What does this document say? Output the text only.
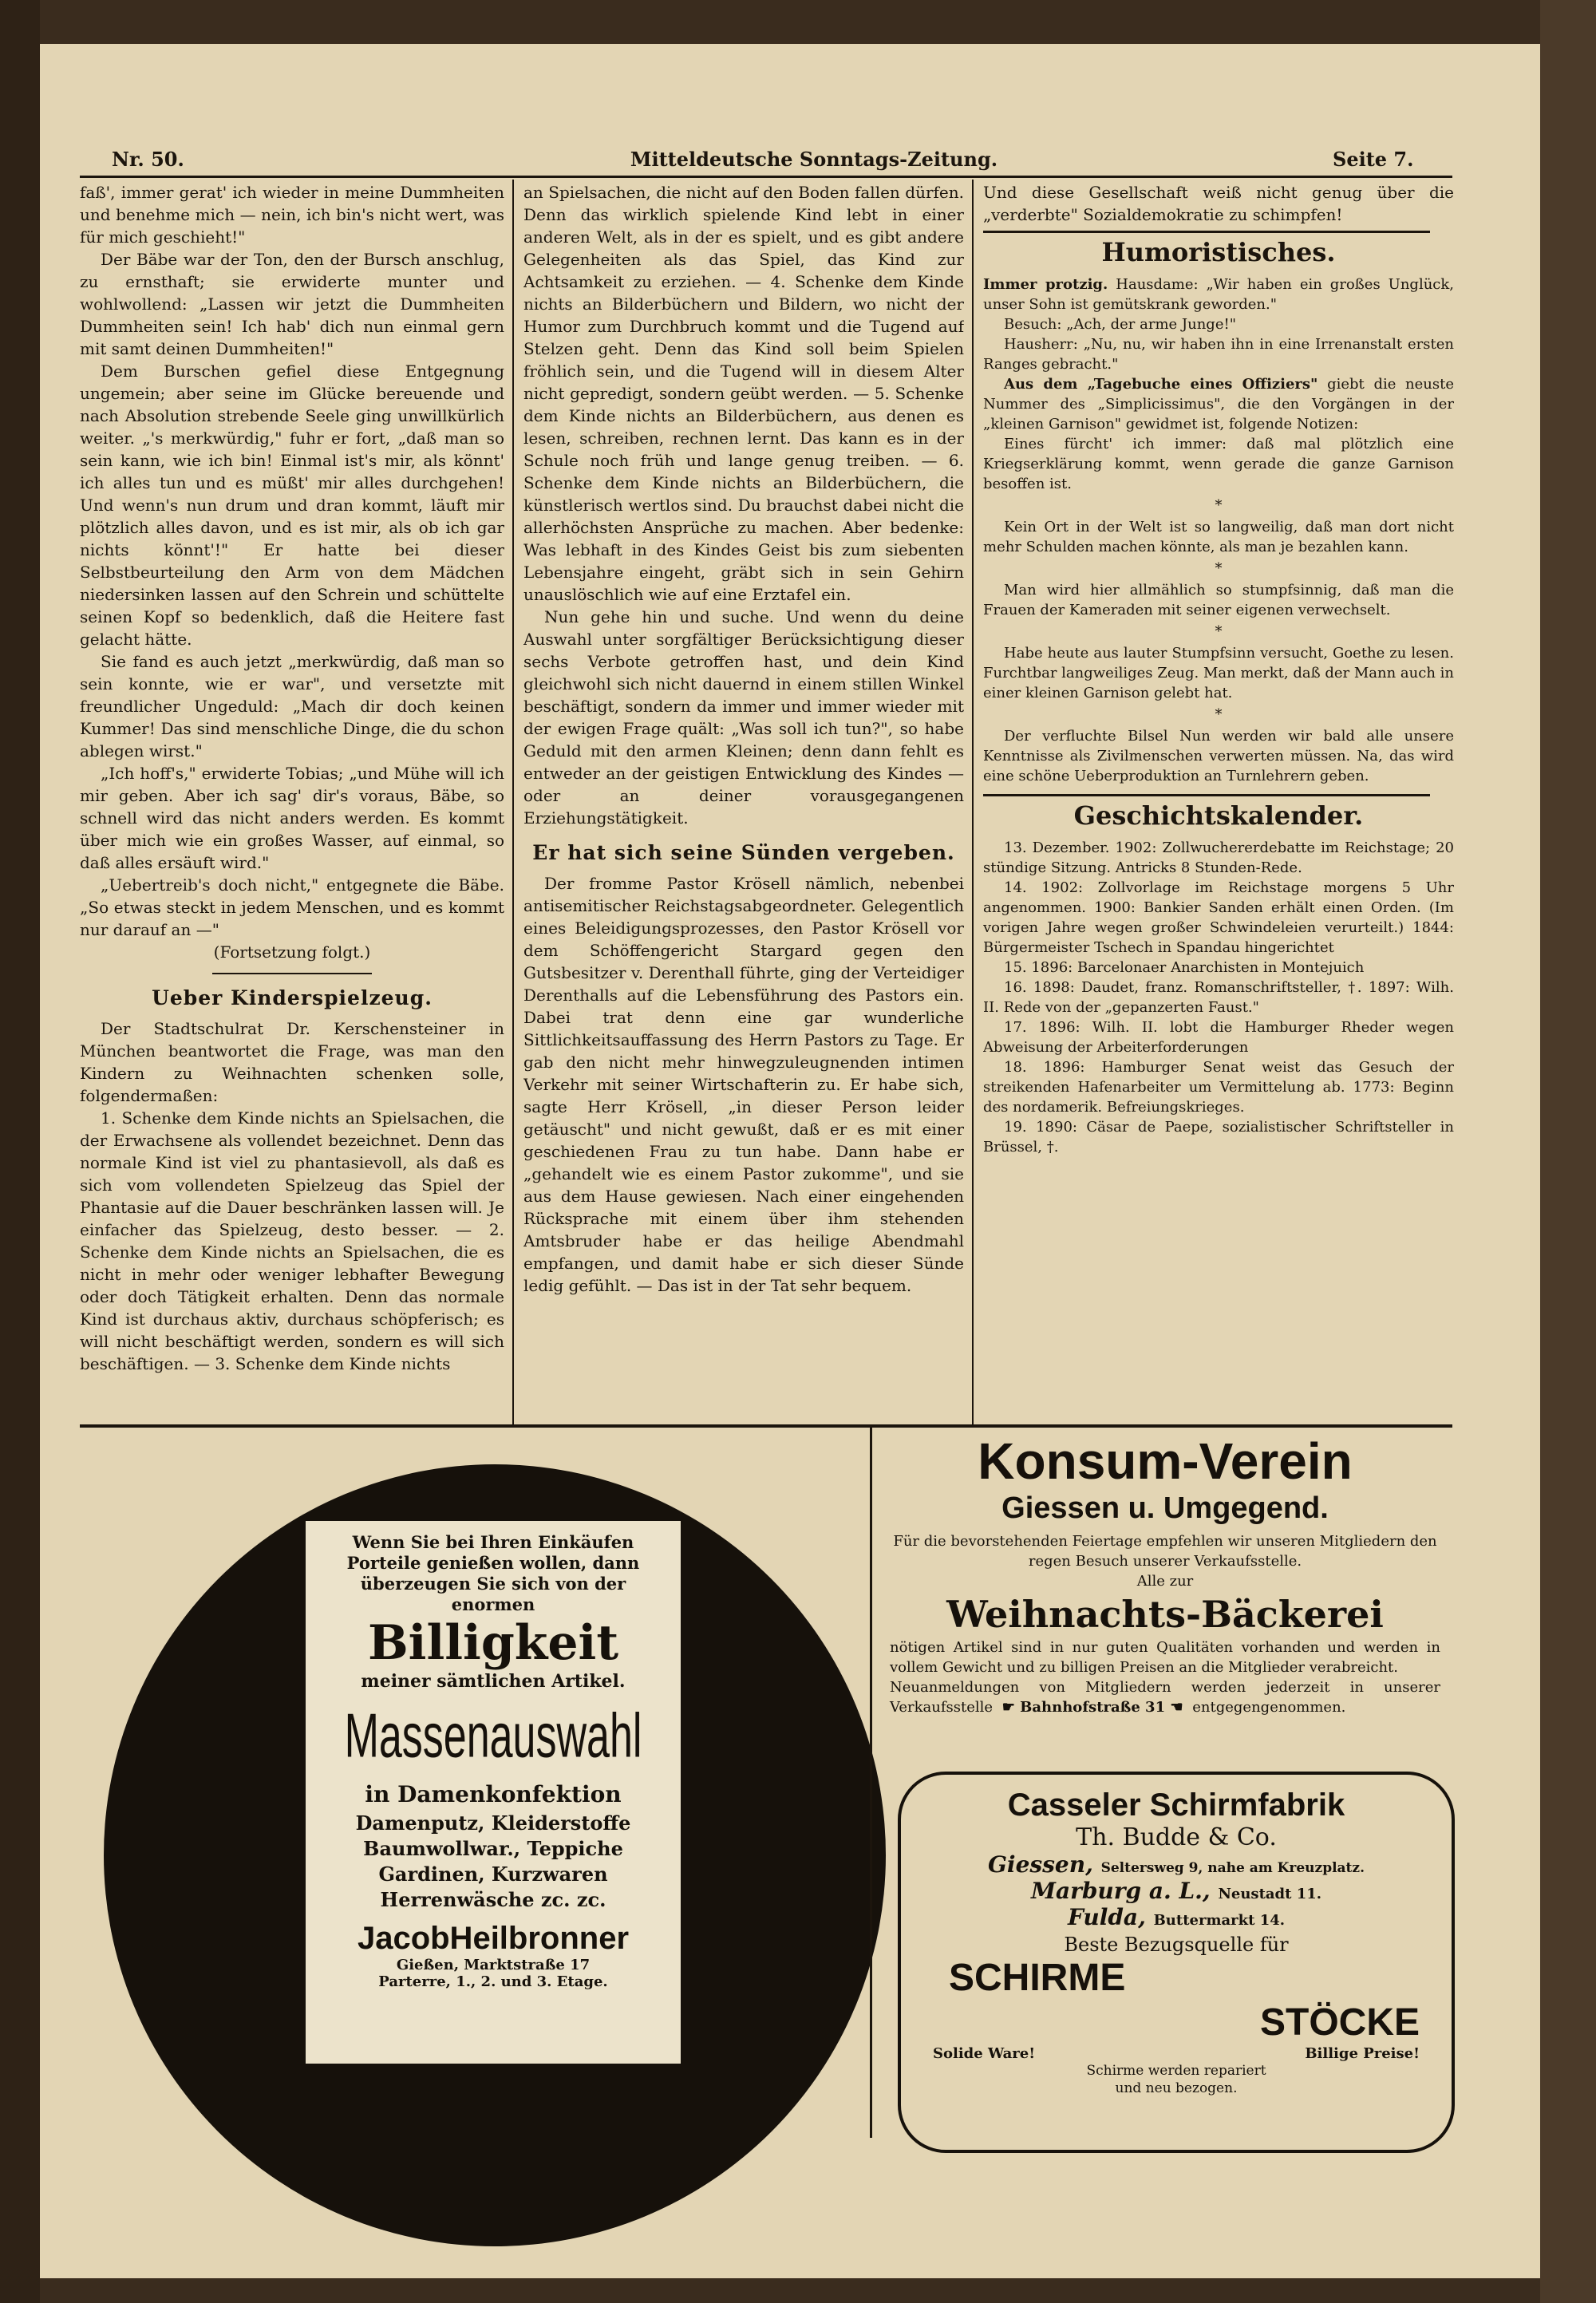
Nr. 50.	Mitteldeutsche Sonntags-Zeitung.	Seite 7.

faß', immer gerat' ich wieder in meine Dummheiten und benehme mich — nein, ich bin's nicht wert, was für mich geschieht!"

Der Bäbe war der Ton, den der Bursch anschlug, zu ernsthaft; sie erwiderte munter und wohlwollend: „Lassen wir jetzt die Dummheiten Dummheiten sein! Ich hab' dich nun einmal gern mit samt deinen Dummheiten!"

Dem Burschen gefiel diese Entgegnung ungemein; aber seine im Glücke bereuende und nach Absolution strebende Seele ging unwillkürlich weiter. „'s merkwürdig," fuhr er fort, „daß man so sein kann, wie ich bin! Einmal ist's mir, als könnt' ich alles tun und es müßt' mir alles durchgehen! Und wenn's nun drum und dran kommt, läuft mir plötzlich alles davon, und es ist mir, als ob ich gar nichts könnt'!" Er hatte bei dieser Selbstbeurteilung den Arm von dem Mädchen niedersinken lassen auf den Schrein und schüttelte seinen Kopf so bedenklich, daß die Heitere fast gelacht hätte.

Sie fand es auch jetzt „merkwürdig, daß man so sein konnte, wie er war", und versetzte mit freundlicher Ungeduld: „Mach dir doch keinen Kummer! Das sind menschliche Dinge, die du schon ablegen wirst."

„Ich hoff's," erwiderte Tobias; „und Mühe will ich mir geben. Aber ich sag' dir's voraus, Bäbe, so schnell wird das nicht anders werden. Es kommt über mich wie ein großes Wasser, auf einmal, so daß alles ersäuft wird."

„Uebertreib's doch nicht," entgegnete die Bäbe. „So etwas steckt in jedem Menschen, und es kommt nur darauf an —"

(Fortsetzung folgt.)
Ueber Kinderspielzeug.

Der Stadtschulrat Dr. Kerschensteiner in München beantwortet die Frage, was man den Kindern zu Weihnachten schenken solle, folgendermaßen:

1. Schenke dem Kinde nichts an Spielsachen, die der Erwachsene als vollendet bezeichnet. Denn das normale Kind ist viel zu phantasievoll, als daß es sich vom vollendeten Spielzeug das Spiel der Phantasie auf die Dauer beschränken lassen will. Je einfacher das Spielzeug, desto besser. — 2. Schenke dem Kinde nichts an Spielsachen, die es nicht in mehr oder weniger lebhafter Bewegung oder doch Tätigkeit erhalten. Denn das normale Kind ist durchaus aktiv, durchaus schöpferisch; es will nicht beschäftigt werden, sondern es will sich beschäftigen. — 3. Schenke dem Kinde nichts

an Spielsachen, die nicht auf den Boden fallen dürfen. Denn das wirklich spielende Kind lebt in einer anderen Welt, als in der es spielt, und es gibt andere Gelegenheiten als das Spiel, das Kind zur Achtsamkeit zu erziehen. — 4. Schenke dem Kinde nichts an Bilderbüchern und Bildern, wo nicht der Humor zum Durchbruch kommt und die Tugend auf Stelzen geht. Denn das Kind soll beim Spielen fröhlich sein, und die Tugend will in diesem Alter nicht gepredigt, sondern geübt werden. — 5. Schenke dem Kinde nichts an Bilderbüchern, aus denen es lesen, schreiben, rechnen lernt. Das kann es in der Schule noch früh und lange genug treiben. — 6. Schenke dem Kinde nichts an Bilderbüchern, die künstlerisch wertlos sind. Du brauchst dabei nicht die allerhöchsten Ansprüche zu machen. Aber bedenke: Was lebhaft in des Kindes Geist bis zum siebenten Lebensjahre eingeht, gräbt sich in sein Gehirn unauslöschlich wie auf eine Erztafel ein.

Nun gehe hin und suche. Und wenn du deine Auswahl unter sorgfältiger Berücksichtigung dieser sechs Verbote getroffen hast, und dein Kind gleichwohl sich nicht dauernd in einem stillen Winkel beschäftigt, sondern da immer und immer wieder mit der ewigen Frage quält: „Was soll ich tun?", so habe Geduld mit den armen Kleinen; denn dann fehlt es entweder an der geistigen Entwicklung des Kindes — oder an deiner vorausgegangenen Erziehungstätigkeit.

Er hat sich seine Sünden vergeben.

Der fromme Pastor Krösell nämlich, nebenbei antisemitischer Reichstagsabgeordneter. Gelegentlich eines Beleidigungsprozesses, den Pastor Krösell vor dem Schöffengericht Stargard gegen den Gutsbesitzer v. Derenthall führte, ging der Verteidiger Derenthalls auf die Lebensführung des Pastors ein. Dabei trat denn eine gar wunderliche Sittlichkeitsauffassung des Herrn Pastors zu Tage. Er gab den nicht mehr hinwegzuleugnenden intimen Verkehr mit seiner Wirtschafterin zu. Er habe sich, sagte Herr Krösell, „in dieser Person leider getäuscht" und nicht gewußt, daß er es mit einer geschiedenen Frau zu tun habe. Dann habe er „gehandelt wie es einem Pastor zukomme", und sie aus dem Hause gewiesen. Nach einer eingehenden Rücksprache mit einem über ihm stehenden Amtsbruder habe er das heilige Abendmahl empfangen, und damit habe er sich dieser Sünde ledig gefühlt. — Das ist in der Tat sehr bequem.

Und diese Gesellschaft weiß nicht genug über die „verderbte" Sozialdemokratie zu schimpfen!

Humoristisches.

Immer protzig. Hausdame: „Wir haben ein großes Unglück, unser Sohn ist gemütskrank geworden."

Besuch: „Ach, der arme Junge!"

Hausherr: „Nu, nu, wir haben ihn in eine Irrenanstalt ersten Ranges gebracht."

Aus dem „Tagebuche eines Offiziers" giebt die neuste Nummer des „Simplicissimus", die den Vorgängen in der „kleinen Garnison" gewidmet ist, folgende Notizen:

Eines fürcht' ich immer: daß mal plötzlich eine Kriegserklärung kommt, wenn gerade die ganze Garnison besoffen ist.

*

Kein Ort in der Welt ist so langweilig, daß man dort nicht mehr Schulden machen könnte, als man je bezahlen kann.

*

Man wird hier allmählich so stumpfsinnig, daß man die Frauen der Kameraden mit seiner eigenen verwechselt.

*

Habe heute aus lauter Stumpfsinn versucht, Goethe zu lesen. Furchtbar langweiliges Zeug. Man merkt, daß der Mann auch in einer kleinen Garnison gelebt hat.

*

Der verfluchte Bilsel Nun werden wir bald alle unsere Kenntnisse als Zivilmenschen verwerten müssen. Na, das wird eine schöne Ueberproduktion an Turnlehrern geben.

Geschichtskalender.

13. Dezember. 1902: Zollwuchererdebatte im Reichstage; 20 stündige Sitzung. Antricks 8 Stunden-Rede.

14. 1902: Zollvorlage im Reichstage morgens 5 Uhr angenommen. 1900: Bankier Sanden erhält einen Orden. (Im vorigen Jahre wegen großer Schwindeleien verurteilt.) 1844: Bürgermeister Tschech in Spandau hingerichtet

15. 1896: Barcelonaer Anarchisten in Montejuich

16. 1898: Daudet, franz. Romanschriftsteller, †. 1897: Wilh. II. Rede von der „gepanzerten Faust."

17. 1896: Wilh. II. lobt die Hamburger Rheder wegen Abweisung der Arbeiterforderungen

18. 1896: Hamburger Senat weist das Gesuch der streikenden Hafenarbeiter um Vermittelung ab. 1773: Beginn des nordamerik. Befreiungskrieges.

19. 1890: Cäsar de Paepe, sozialistischer Schriftsteller in Brüssel, †.

Wenn Sie bei Ihren Einkäufen Porteile genießen wollen, dann überzeugen Sie sich von der enormen
Billigkeit
meiner sämtlichen Artikel.
Massenauswahl
in Damenkonfektion
Damenputz, Kleiderstoffe Baumwollwar., Teppiche Gardinen, Kurzwaren Herrenwäsche zc. zc.
JacobHeilbronner
Gießen, Marktstraße 17
Parterre, 1., 2. und 3. Etage.
Konsum-Verein
Giessen u. Umgegend.
Für die bevorstehenden Feiertage empfehlen wir unseren Mitgliedern den regen Besuch unserer Verkaufsstelle.
Alle zur
Weihnachts-Bäckerei
nötigen Artikel sind in nur guten Qualitäten vorhanden und werden in vollem Gewicht und zu billigen Preisen an die Mitglieder verabreicht.
Neuanmeldungen von Mitgliedern werden jederzeit in unserer Verkaufsstelle ☛ Bahnhofstraße 31 ☚ entgegengenommen.
Casseler Schirmfabrik
Th. Budde & Co.
Giessen, Seltersweg 9, nahe am Kreuzplatz.
Marburg a. L., Neustadt 11.
Fulda, Buttermarkt 14.
Beste Bezugsquelle für
SCHIRME
STÖCKE
Solide Ware!	Billige Preise!
Schirme werden repariert und neu bezogen.
